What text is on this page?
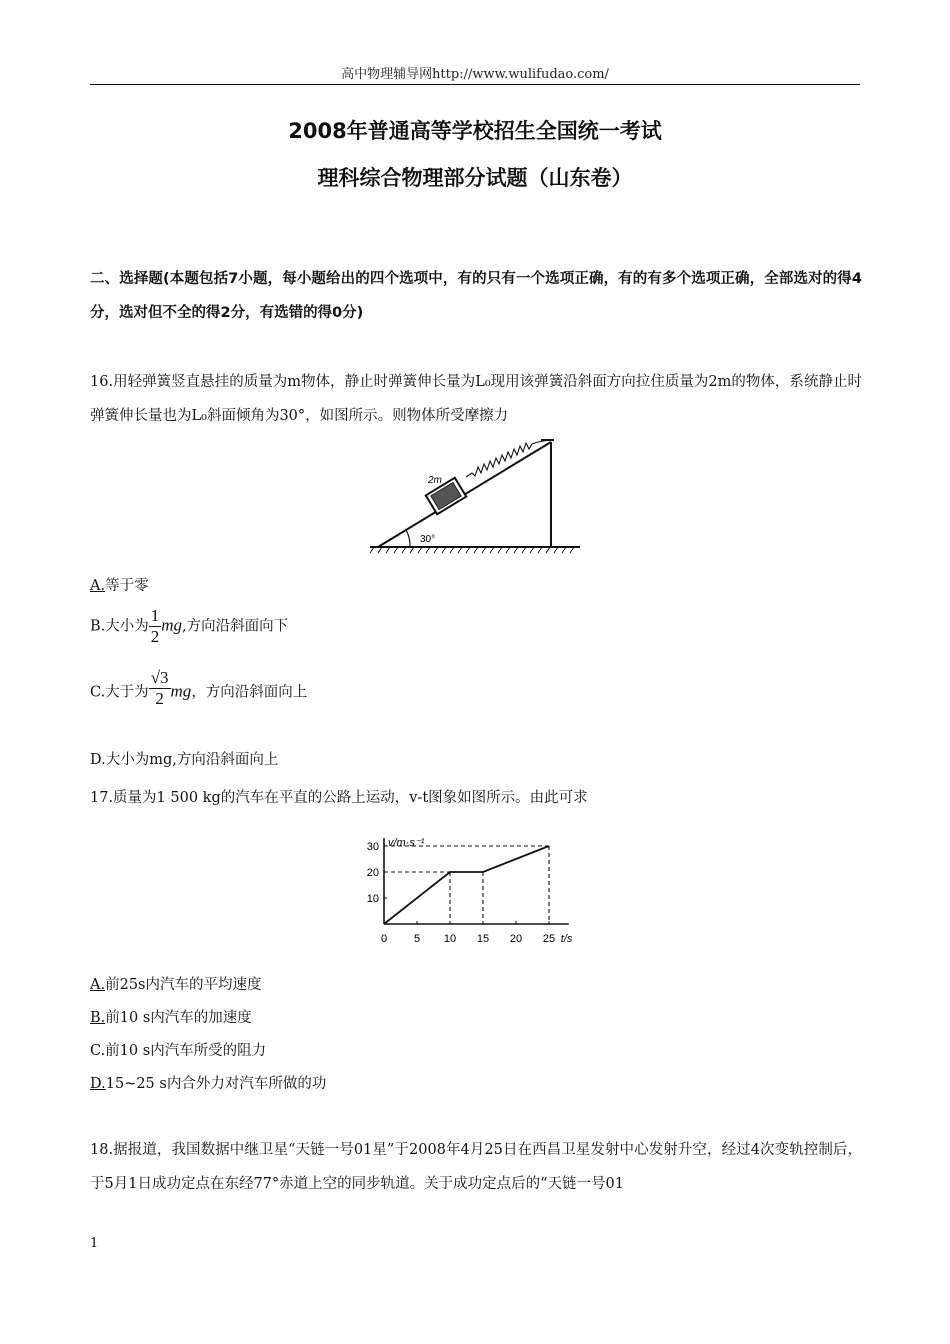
高中物理辅导网http://www.wulifudao.com/
2008年普通高等学校招生全国统一考试
理科综合物理部分试题（山东卷）
二、选择题(本题包括7小题，每小题给出的四个选项中，有的只有一个选项正确，有的有多个选项正确，全部选对的得4分，选对但不全的得2分，有选错的得0分)
16.用轻弹簧竖直悬挂的质量为m物体，静止时弹簧伸长量为L₀现用该弹簧沿斜面方向拉住质量为2m的物体，系统静止时弹簧伸长量也为L₀斜面倾角为30°，如图所示。则物体所受摩擦力
30°
2m
A.等于零
B.大小为 $\frac{1}{2}$ mg,方向沿斜面向下
C.大于为 $\frac{√3}{2}$ mg，方向沿斜面向上
D.大小为mg,方向沿斜面向上
17.质量为1 500 kg的汽车在平直的公路上运动，v-t图象如图所示。由此可求
v/m·s⁻¹
t/s
0 5 10 15 20 25
10
20
30
A.前25s内汽车的平均速度
B.前10 s内汽车的加速度
C.前10 s内汽车所受的阻力
D.15~25 s内合外力对汽车所做的功
18.据报道，我国数据中继卫星“天链一号01星”于2008年4月25日在西昌卫星发射中心发射升空，经过4次变轨控制后，于5月1日成功定点在东经77°赤道上空的同步轨道。关于成功定点后的“天链一号01
1
